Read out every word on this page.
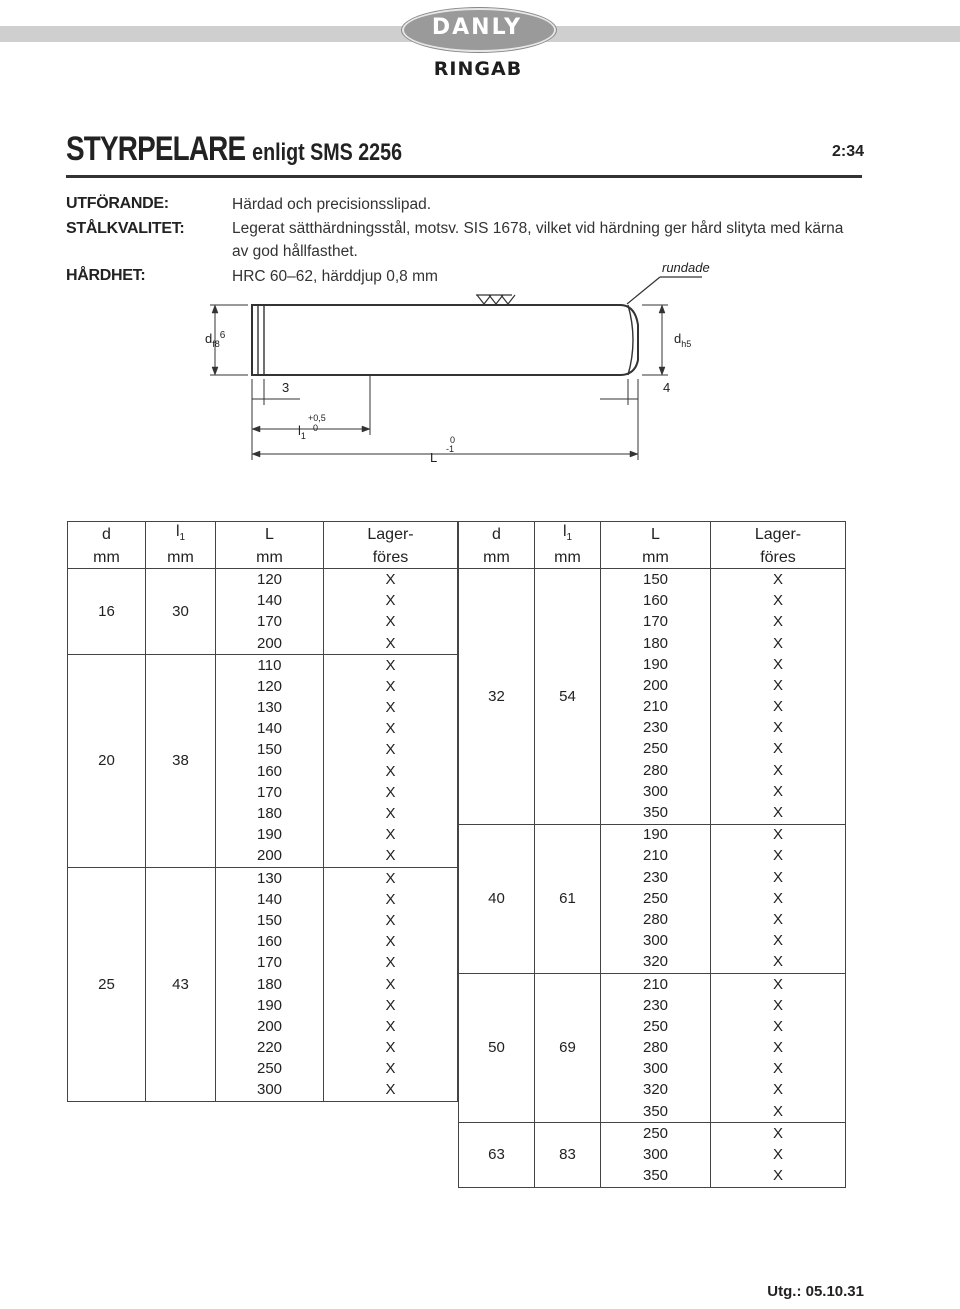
DANLY
RINGAB
STYRPELARE enligt SMS 2256	2:34
UTFÖRANDE:	Härdad och precisionsslipad.
STÅLKVALITET:	Legerat sätthärdningsstål, motsv. SIS 1678, vilket vid härdning ger hård slityta med kärna av god hållfasthet.
HÅRDHET:	HRC 60–62, härddjup 0,8 mm
rundade
$d_{f8}^6$	$d_{h5}$
3	4
$l_1$
+0,5
0
L
0
-1
d	$l_1$	L	Lager-
mm	mm	mm	föres
16	30	120	X
		140	X
		170	X
		200	X
20	38	110	X
		120	X
		130	X
		140	X
		150	X
		160	X
		170	X
		180	X
		190	X
		200	X
25	43	130	X
		140	X
		150	X
		160	X
		170	X
		180	X
		190	X
		200	X
		220	X
		250	X
		300	X
d	$l_1$	L	Lager-
mm	mm	mm	föres
32	54	150	X
		160	X
		170	X
		180	X
		190	X
		200	X
		210	X
		230	X
		250	X
		280	X
		300	X
		350	X
40	61	190	X
		210	X
		230	X
		250	X
		280	X
		300	X
		320	X
50	69	210	X
		230	X
		250	X
		280	X
		300	X
		320	X
		350	X
63	83	250	X
		300	X
		350	X
Utg.: 05.10.31
